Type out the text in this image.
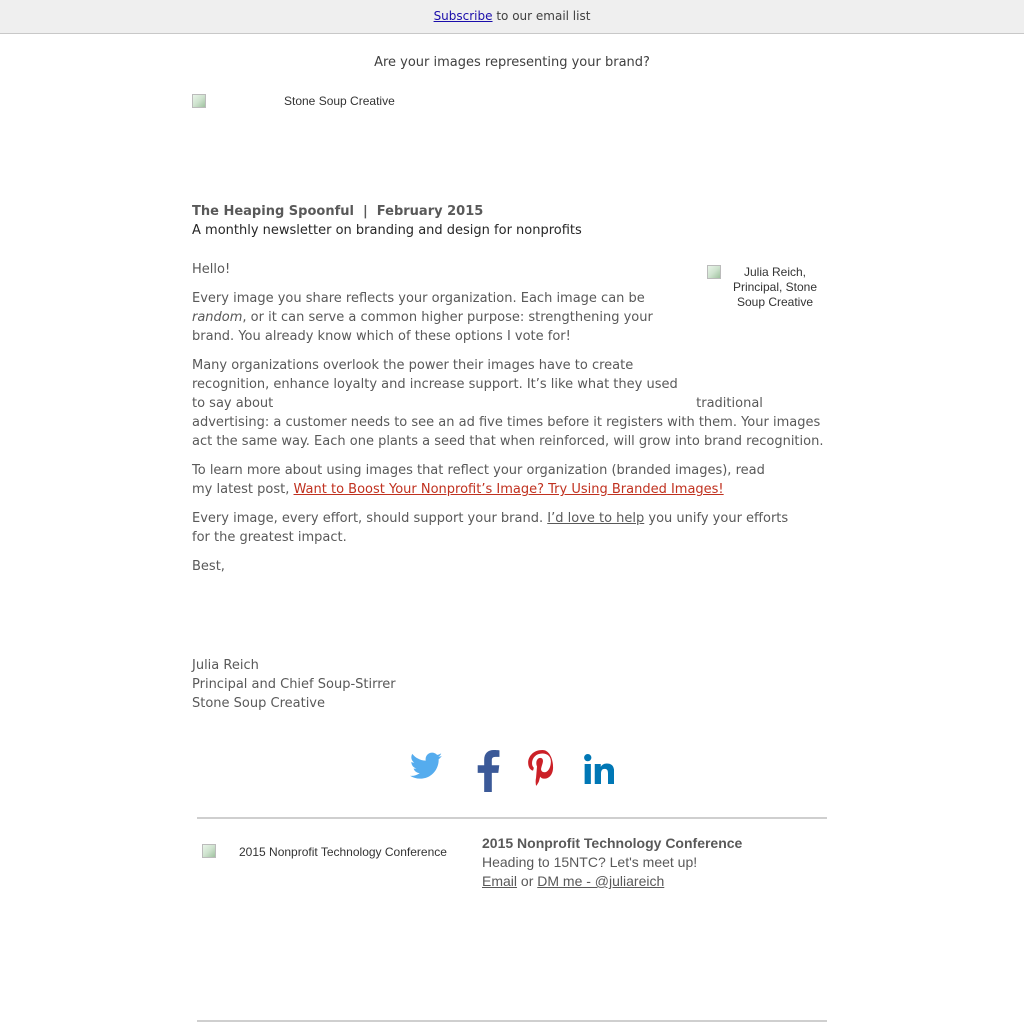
Subscribe to our email list
Are your images representing your brand?
Stone Soup Creative
The Heaping Spoonful  |  February 2015
A monthly newsletter on branding and design for nonprofits
Julia Reich, Principal, Stone Soup Creative

Hello!

Every image you share reflects your organization. Each image can be random, or it can serve a common higher purpose: strengthening your brand. You already know which of these options I vote for!

Many organizations overlook the power their images have to create recognition, enhance loyalty and increase support. It’s like what they used to say about	traditional advertising: a customer needs to see an ad five times before it registers with them. Your images act the same way. Each one plants a seed that when reinforced, will grow into brand recognition.

To learn more about using images that reflect your organization (branded images), read my latest post, Want to Boost Your Nonprofit’s Image? Try Using Branded Images!

Every image, every effort, should support your brand. I’d love to help you unify your efforts for the greatest impact.

Best,

Julia Reich
Principal and Chief Soup-Stirrer
Stone Soup Creative
2015 Nonprofit Technology Conference
2015 Nonprofit Technology Conference
Heading to 15NTC? Let's meet up!
Email or DM me - @juliareich
